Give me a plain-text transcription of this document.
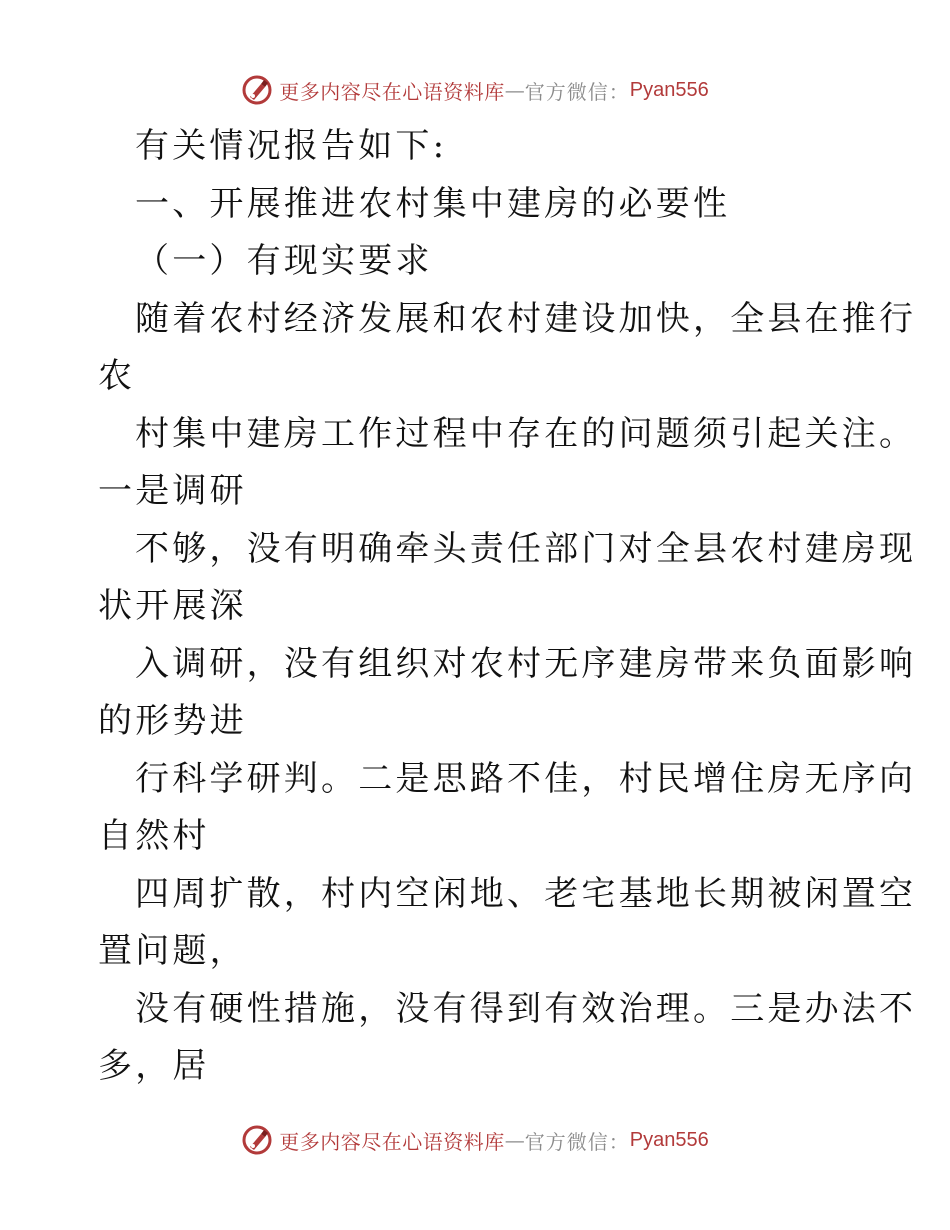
更多内容尽在心语资料库 — 官方微信： Pyan556
有关情况报告如下:
一、开展推进农村集中建房的必要性
（一）有现实要求
随着农村经济发展和农村建设加快，全县在推行
农
村集中建房工作过程中存在的问题须引起关注。
一是调研
不够，没有明确牵头责任部门对全县农村建房现
状开展深
入调研，没有组织对农村无序建房带来负面影响
的形势进
行科学研判。二是思路不佳，村民增住房无序向
自然村
四周扩散，村内空闲地、老宅基地长期被闲置空
置问题，
没有硬性措施，没有得到有效治理。三是办法不
多，居
更多内容尽在心语资料库 — 官方微信： Pyan556
